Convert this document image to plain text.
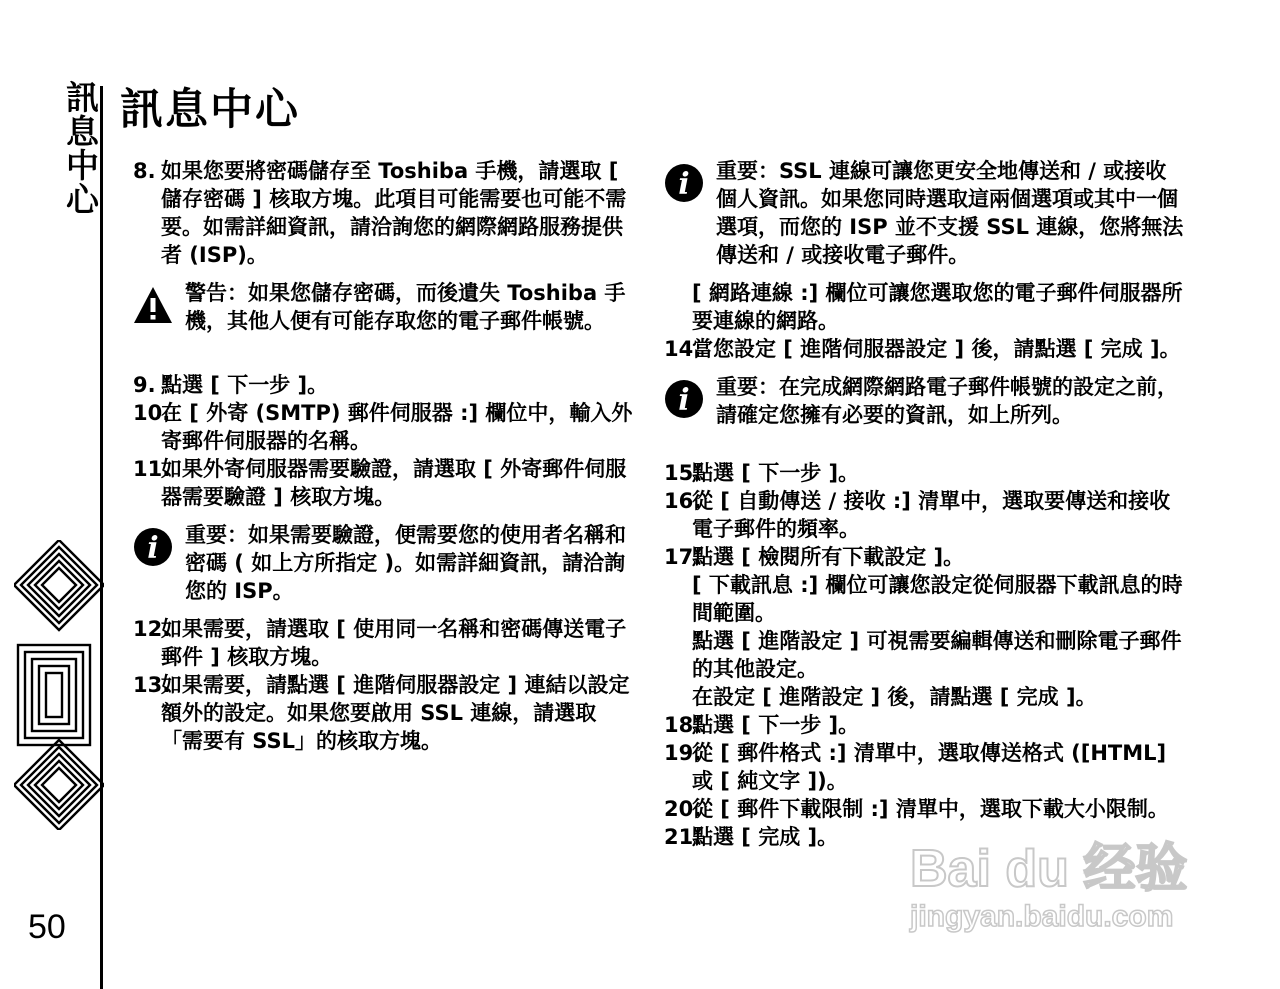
訊息中心
50
訊息中心
8. 如果您要將密碼儲存至 Toshiba 手機，請選取 [ 儲存密碼 ] 核取方塊。此項目可能需要也可能不需要。如需詳細資訊，請洽詢您的網際網路服務提供者 (ISP)。
警告：如果您儲存密碼，而後遺失 Toshiba 手機，其他人便有可能存取您的電子郵件帳號。
9. 點選 [ 下一步 ]。
10.
在 [ 外寄 (SMTP) 郵件伺服器 :] 欄位中，輸入外寄郵件伺服器的名稱。
11.
如果外寄伺服器需要驗證，請選取 [ 外寄郵件伺服器需要驗證 ] 核取方塊。
i 重要：如果需要驗證，便需要您的使用者名稱和密碼 ( 如上方所指定 )。如需詳細資訊，請洽詢您的 ISP。
12.
如果需要，請選取 [ 使用同一名稱和密碼傳送電子郵件 ] 核取方塊。
13.
如果需要，請點選 [ 進階伺服器設定 ] 連結以設定額外的設定。如果您要啟用 SSL 連線，請選取 「需要有 SSL」的核取方塊。
i 重要：SSL 連線可讓您更安全地傳送和 / 或接收個人資訊。如果您同時選取這兩個選項或其中一個選項，而您的 ISP 並不支援 SSL 連線，您將無法傳送和 / 或接收電子郵件。
[ 網路連線 :] 欄位可讓您選取您的電子郵件伺服器所要連線的網路。
14.
當您設定 [ 進階伺服器設定 ] 後，請點選 [ 完成 ]。
i 重要：在完成網際網路電子郵件帳號的設定之前，請確定您擁有必要的資訊，如上所列。
15.
點選 [ 下一步 ]。
16.
從 [ 自動傳送 / 接收 :] 清單中，選取要傳送和接收電子郵件的頻率。
17.
點選 [ 檢閱所有下載設定 ]。
[ 下載訊息 :] 欄位可讓您設定從伺服器下載訊息的時間範圍。
點選 [ 進階設定 ] 可視需要編輯傳送和刪除電子郵件的其他設定。
在設定 [ 進階設定 ] 後，請點選 [ 完成 ]。
18.
點選 [ 下一步 ]。
19.
從 [ 郵件格式 :] 清單中，選取傳送格式 ([HTML] 或 [ 純文字 ])。
20.
從 [ 郵件下載限制 :] 清單中，選取下載大小限制。
21.
點選 [ 完成 ]。
Bai du 经验
jingyan.baidu.com
